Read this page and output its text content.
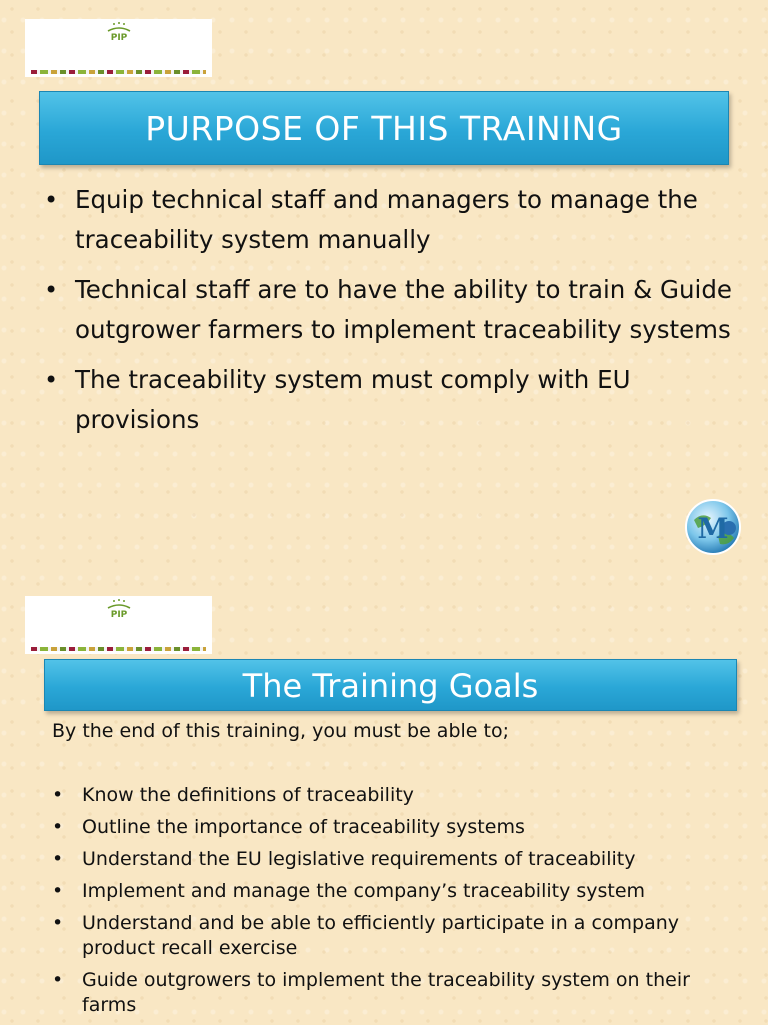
PIP
PURPOSE OF THIS TRAINING
• Equip technical staff and managers to manage the traceability system manually
• Technical staff are to have the ability to train & Guide outgrower farmers to implement traceability systems
• The traceability system must comply with EU provisions
M
PIP
The Training Goals
By the end of this training, you must be able to;
• Know the definitions of traceability
• Outline the importance of traceability systems
• Understand the EU legislative requirements of traceability
• Implement and manage the company’s traceability system
• Understand and be able to efficiently participate in a company product recall exercise
• Guide outgrowers to implement the traceability system on their farms
